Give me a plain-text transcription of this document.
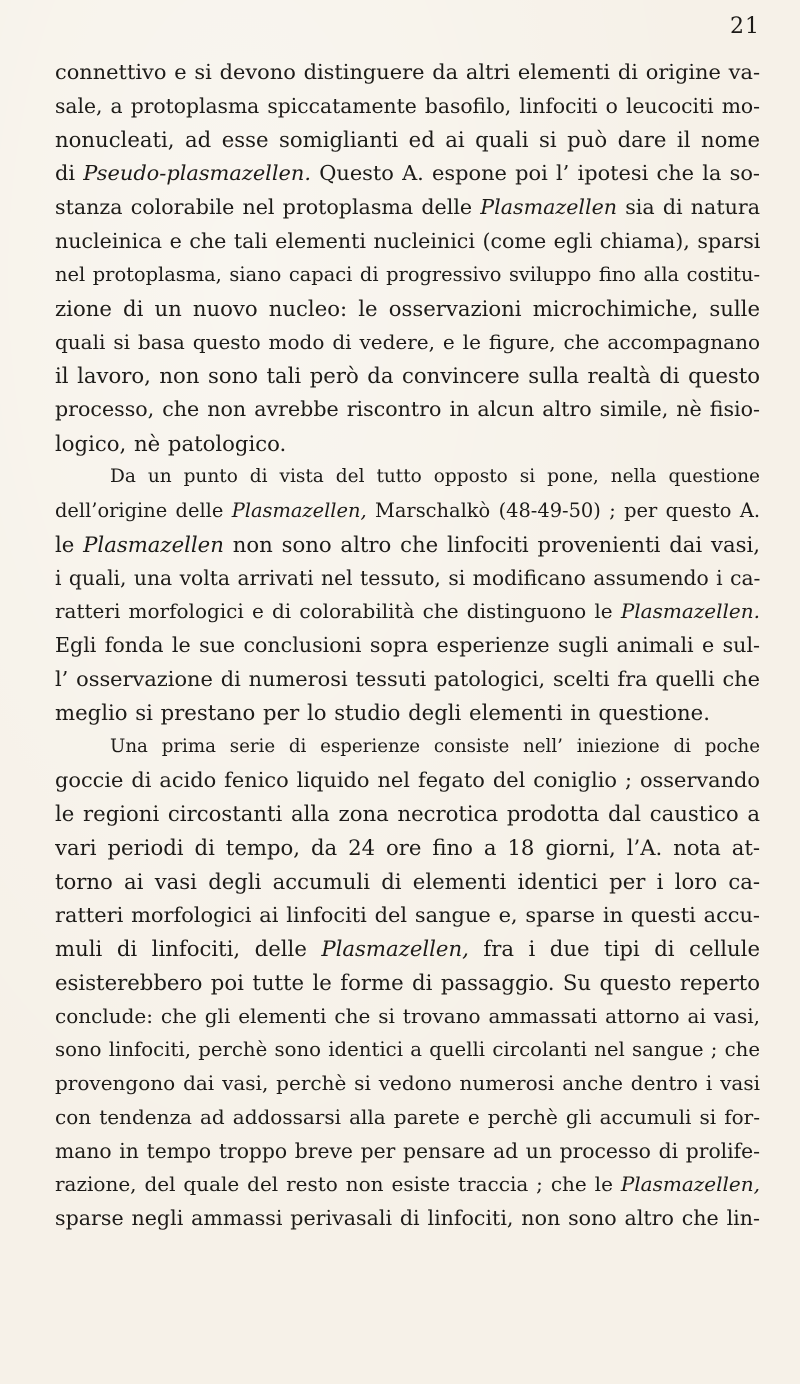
21
connettivo e si devono distinguere da altri elementi di origine va-
sale, a protoplasma spiccatamente basofilo, linfociti o leucociti mo-
nonucleati, ad esse somiglianti ed ai quali si può dare il nome
di Pseudo-plasmazellen. Questo A. espone poi l’ ipotesi che la so-
stanza colorabile nel protoplasma delle Plasmazellen sia di natura
nucleinica e che tali elementi nucleinici (come egli chiama), sparsi
nel protoplasma, siano capaci di progressivo sviluppo fino alla costitu-
zione di un nuovo nucleo: le osservazioni microchimiche, sulle
quali si basa questo modo di vedere, e le figure, che accompagnano
il lavoro, non sono tali però da convincere sulla realtà di questo
processo, che non avrebbe riscontro in alcun altro simile, nè fisio-
logico, nè patologico.
Da un punto di vista del tutto opposto si pone, nella questione
dell’origine delle Plasmazellen, Marschalkò (48-49-50) ; per questo A.
le Plasmazellen non sono altro che linfociti provenienti dai vasi,
i quali, una volta arrivati nel tessuto, si modificano assumendo i ca-
ratteri morfologici e di colorabilità che distinguono le Plasmazellen.
Egli fonda le sue conclusioni sopra esperienze sugli animali e sul-
l’ osservazione di numerosi tessuti patologici, scelti fra quelli che
meglio si prestano per lo studio degli elementi in questione.
Una prima serie di esperienze consiste nell’ iniezione di poche
goccie di acido fenico liquido nel fegato del coniglio ; osservando
le regioni circostanti alla zona necrotica prodotta dal caustico a
vari periodi di tempo, da 24 ore fino a 18 giorni, l’A. nota at-
torno ai vasi degli accumuli di elementi identici per i loro ca-
ratteri morfologici ai linfociti del sangue e, sparse in questi accu-
muli di linfociti, delle Plasmazellen, fra i due tipi di cellule
esisterebbero poi tutte le forme di passaggio. Su questo reperto
conclude: che gli elementi che si trovano ammassati attorno ai vasi,
sono linfociti, perchè sono identici a quelli circolanti nel sangue ; che
provengono dai vasi, perchè si vedono numerosi anche dentro i vasi
con tendenza ad addossarsi alla parete e perchè gli accumuli si for-
mano in tempo troppo breve per pensare ad un processo di prolife-
razione, del quale del resto non esiste traccia ; che le Plasmazellen,
sparse negli ammassi perivasali di linfociti, non sono altro che lin-
